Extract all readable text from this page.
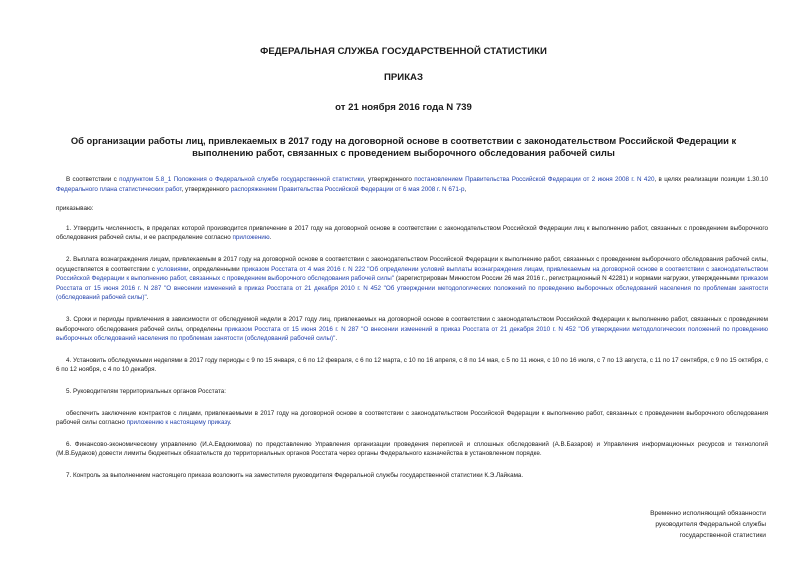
ФЕДЕРАЛЬНАЯ СЛУЖБА ГОСУДАРСТВЕННОЙ СТАТИСТИКИ
ПРИКАЗ
от 21 ноября 2016 года N 739
Об организации работы лиц, привлекаемых в 2017 году на договорной основе в соответствии с законодательством Российской Федерации к выполнению работ, связанных с проведением выборочного обследования рабочей силы

В соответствии с подпунктом 5.8_1 Положения о Федеральной службе государственной статистики, утвержденного постановлением Правительства Российской Федерации от 2 июня 2008 г. N 420, в целях реализации позиции 1.30.10 Федерального плана статистических работ, утвержденного распоряжением Правительства Российской Федерации от 6 мая 2008 г. N 671-р,

приказываю:

1. Утвердить численность, в пределах которой производится привлечение в 2017 году на договорной основе в соответствии с законодательством Российской Федерации лиц к выполнению работ, связанных с проведением выборочного обследования рабочей силы, и ее распределение согласно приложению.

2. Выплата вознаграждения лицам, привлекаемым в 2017 году на договорной основе в соответствии с законодательством Российской Федерации к выполнению работ, связанных с проведением выборочного обследования рабочей силы, осуществляется в соответствии с условиями, определенными приказом Росстата от 4 мая 2016 г. N 222 "Об определении условий выплаты вознаграждения лицам, привлекаемым на договорной основе в соответствии с законодательством Российской Федерации к выполнению работ, связанных с проведением выборочного обследования рабочей силы" (зарегистрирован Минюстом России 26 мая 2016 г., регистрационный N 42281) и нормами нагрузки, утвержденными приказом Росстата от 15 июня 2016 г. N 287 "О внесении изменений в приказ Росстата от 21 декабря 2010 г. N 452 "Об утверждении методологических положений по проведению выборочных обследований населения по проблемам занятости (обследований рабочей силы)".

3. Сроки и периоды привлечения в зависимости от обследуемой недели в 2017 году лиц, привлекаемых на договорной основе в соответствии с законодательством Российской Федерации к выполнению работ, связанных с проведением выборочного обследования рабочей силы, определены приказом Росстата от 15 июня 2016 г. N 287 "О внесении изменений в приказ Росстата от 21 декабря 2010 г. N 452 "Об утверждении методологических положений по проведению выборочных обследований населения по проблемам занятости (обследований рабочей силы)".

4. Установить обследуемыми неделями в 2017 году периоды с 9 по 15 января, с 6 по 12 февраля, с 6 по 12 марта, с 10 по 16 апреля, с 8 по 14 мая, с 5 по 11 июня, с 10 по 16 июля, с 7 по 13 августа, с 11 по 17 сентября, с 9 по 15 октября, с 6 по 12 ноября, с 4 по 10 декабря.

5. Руководителям территориальных органов Росстата:

обеспечить заключение контрактов с лицами, привлекаемыми в 2017 году на договорной основе в соответствии с законодательством Российской Федерации к выполнению работ, связанных с проведением выборочного обследования рабочей силы согласно приложению к настоящему приказу.

6. Финансово-экономическому управлению (И.А.Евдокимова) по представлению Управления организации проведения переписей и сплошных обследований (А.В.Базаров) и Управления информационных ресурсов и технологий (М.В.Будаков) довести лимиты бюджетных обязательств до территориальных органов Росстата через органы Федерального казначейства в установленном порядке.

7. Контроль за выполнением настоящего приказа возложить на заместителя руководителя Федеральной службы государственной статистики К.Э.Лайкама.

Временно исполняющий обязанности
руководителя Федеральной службы
государственной статистики
